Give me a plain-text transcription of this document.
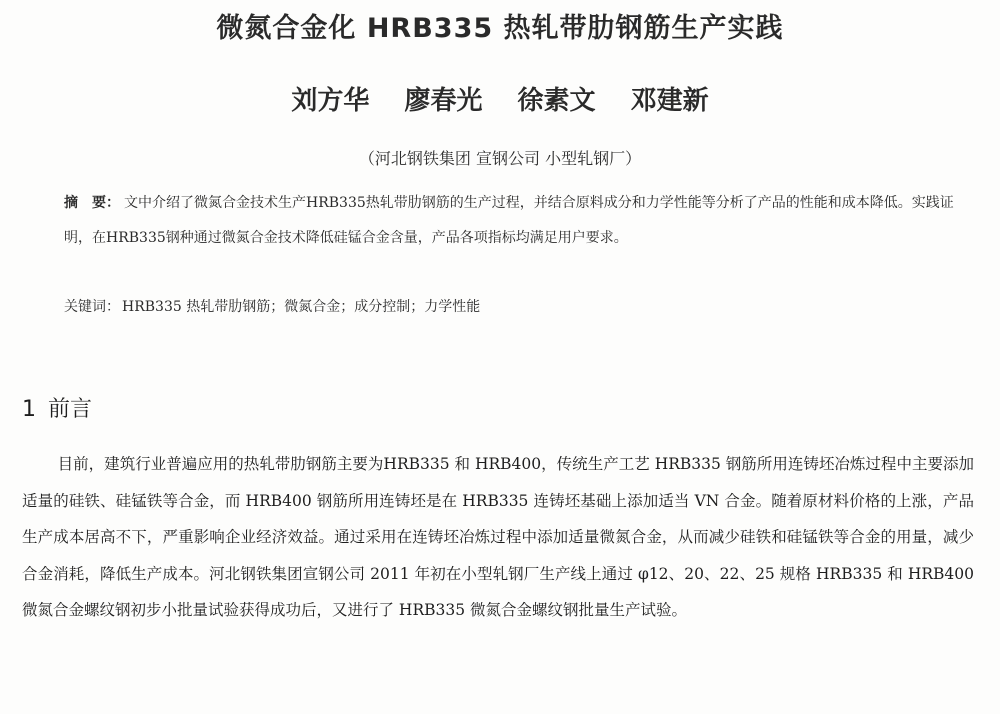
微氮合金化 HRB335 热轧带肋钢筋生产实践
刘方华 廖春光 徐素文 邓建新
（河北钢铁集团 宣钢公司 小型轧钢厂）
摘　要： 文中介绍了微氮合金技术生产HRB335热轧带肋钢筋的生产过程，并结合原料成分和力学性能等分析了产品的性能和成本降低。实践证明，在HRB335钢种通过微氮合金技术降低硅锰合金含量，产品各项指标均满足用户要求。
关键词： HRB335 热轧带肋钢筋；微氮合金；成分控制；力学性能
1 前言
目前，建筑行业普遍应用的热轧带肋钢筋主要为HRB335 和 HRB400，传统生产工艺 HRB335 钢筋所用连铸坯冶炼过程中主要添加适量的硅铁、硅锰铁等合金，而 HRB400 钢筋所用连铸坯是在 HRB335 连铸坯基础上添加适当 VN 合金。随着原材料价格的上涨，产品生产成本居高不下，严重影响企业经济效益。通过采用在连铸坯冶炼过程中添加适量微氮合金，从而减少硅铁和硅锰铁等合金的用量，减少合金消耗，降低生产成本。河北钢铁集团宣钢公司 2011 年初在小型轧钢厂生产线上通过 φ12、20、22、25 规格 HRB335 和 HRB400 微氮合金螺纹钢初步小批量试验获得成功后，又进行了 HRB335 微氮合金螺纹钢批量生产试验。
